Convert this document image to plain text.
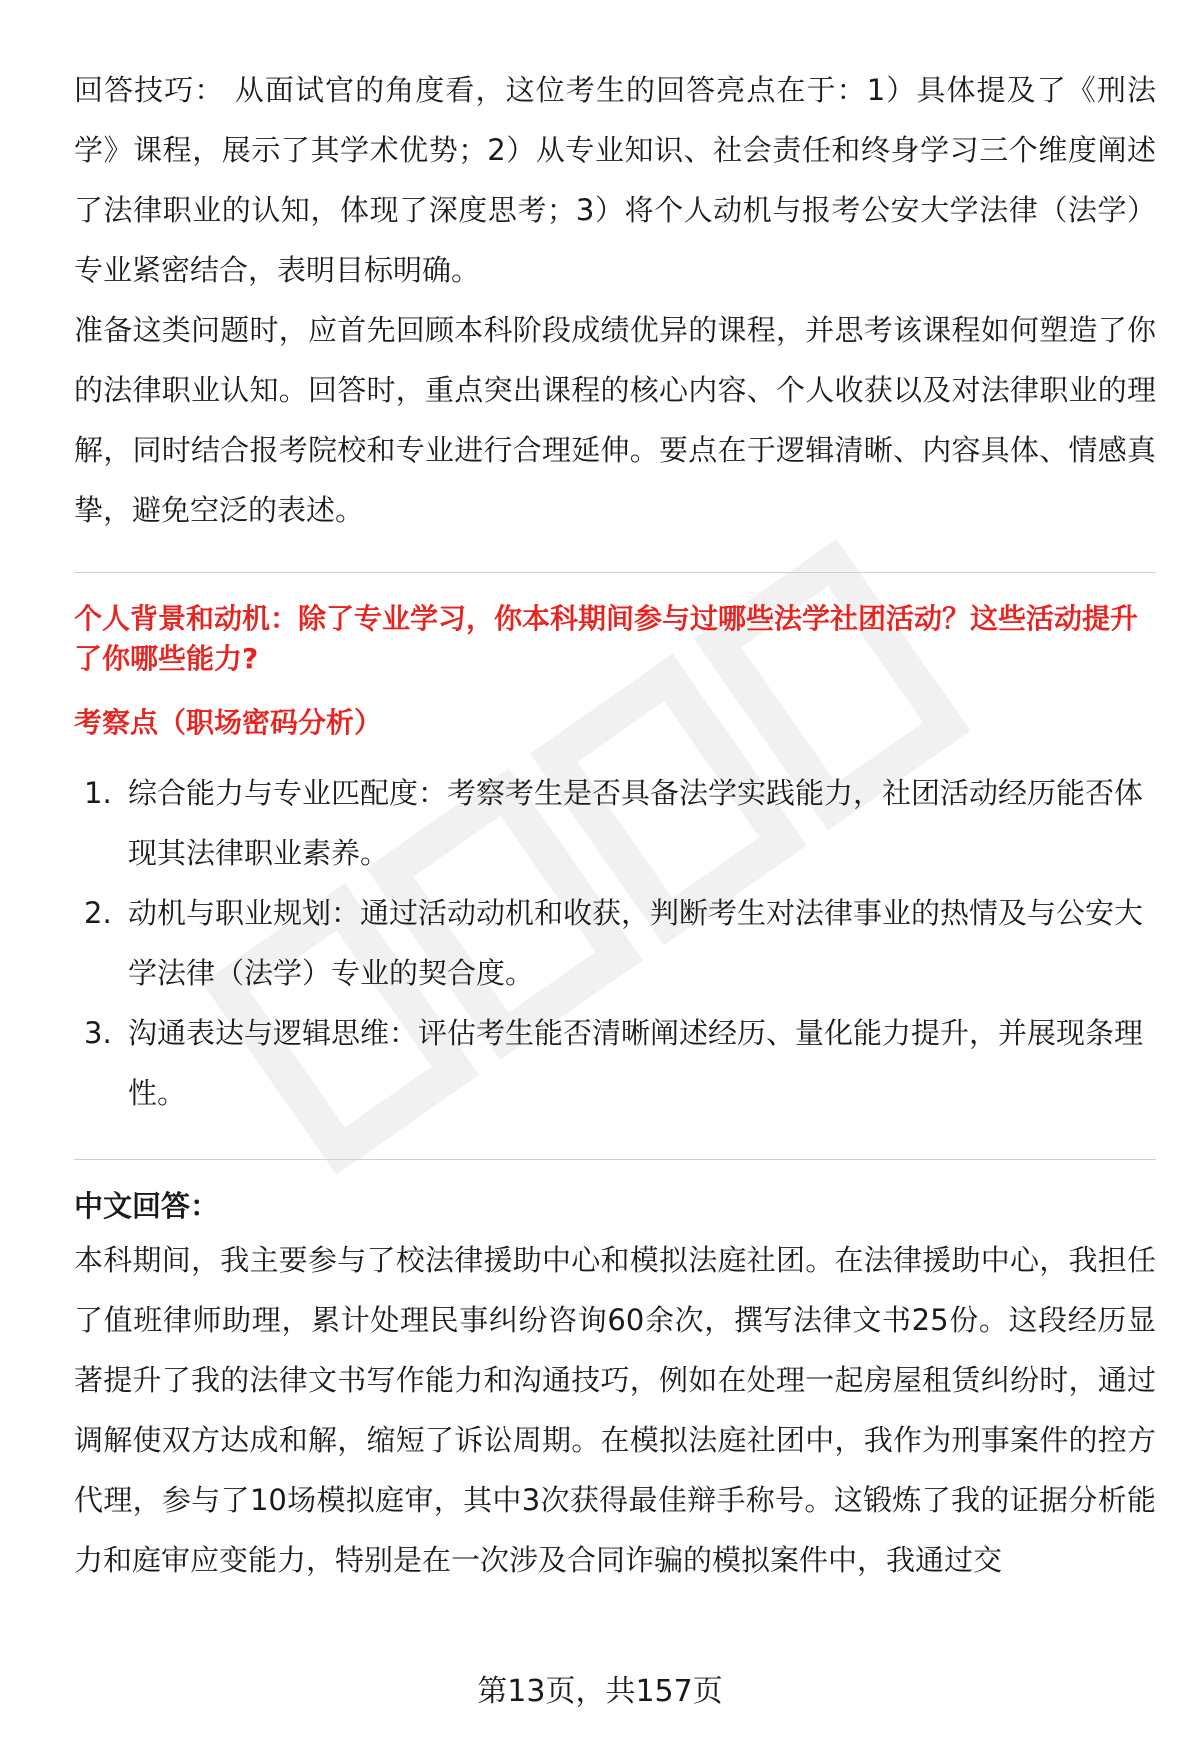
回答技巧： 从面试官的角度看，这位考生的回答亮点在于：1）具体提及了《刑法学》课程，展示了其学术优势；2）从专业知识、社会责任和终身学习三个维度阐述了法律职业的认知，体现了深度思考；3）将个人动机与报考公安大学法律（法学）专业紧密结合，表明目标明确。

准备这类问题时，应首先回顾本科阶段成绩优异的课程，并思考该课程如何塑造了你的法律职业认知。回答时，重点突出课程的核心内容、个人收获以及对法律职业的理解，同时结合报考院校和专业进行合理延伸。要点在于逻辑清晰、内容具体、情感真挚，避免空泛的表述。

个人背景和动机：除了专业学习，你本科期间参与过哪些法学社团活动？这些活动提升了你哪些能力?

考察点（职场密码分析）

1. 综合能力与专业匹配度：考察考生是否具备法学实践能力，社团活动经历能否体现其法律职业素养。
2. 动机与职业规划：通过活动动机和收获，判断考生对法律事业的热情及与公安大学法律（法学）专业的契合度。
3. 沟通表达与逻辑思维：评估考生能否清晰阐述经历、量化能力提升，并展现条理性。

中文回答：

本科期间，我主要参与了校法律援助中心和模拟法庭社团。在法律援助中心，我担任了值班律师助理，累计处理民事纠纷咨询60余次，撰写法律文书25份。这段经历显著提升了我的法律文书写作能力和沟通技巧，例如在处理一起房屋租赁纠纷时，通过调解使双方达成和解，缩短了诉讼周期。在模拟法庭社团中，我作为刑事案件的控方代理，参与了10场模拟庭审，其中3次获得最佳辩手称号。这锻炼了我的证据分析能力和庭审应变能力，特别是在一次涉及合同诈骗的模拟案件中，我通过交

第13页，共157页
